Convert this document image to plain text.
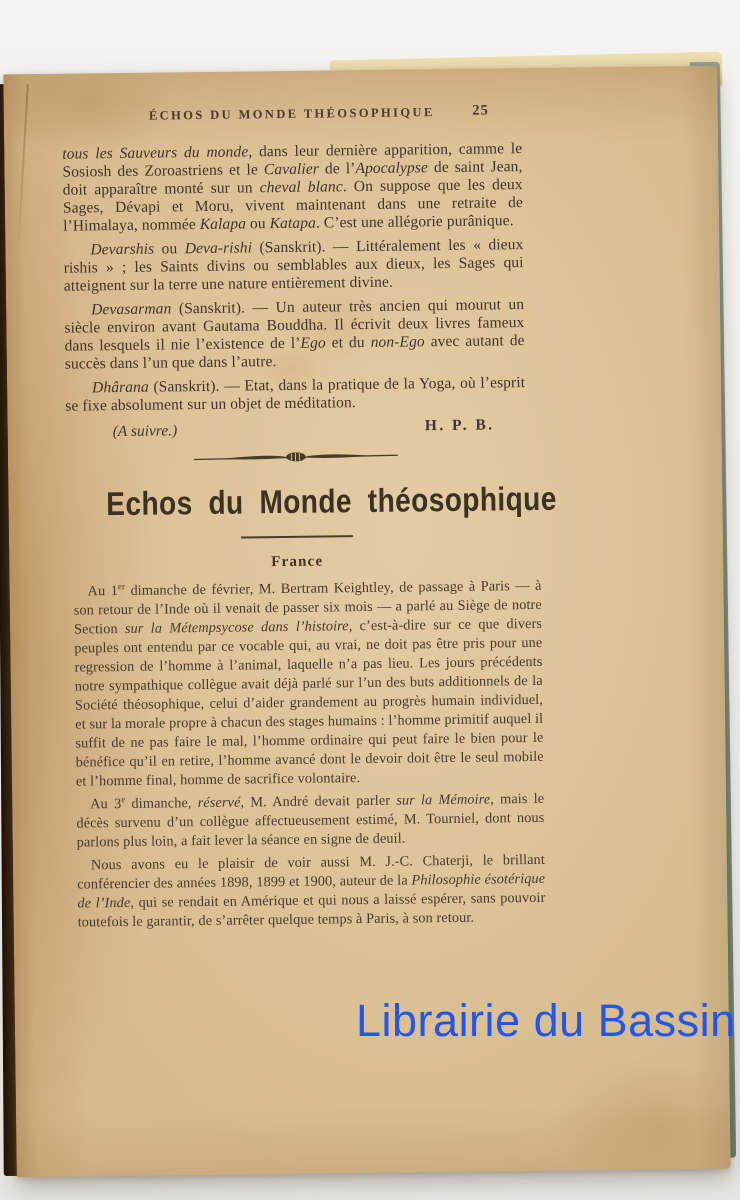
ÉCHOS DU MONDE THÉOSOPHIQUE	25

tous les Sauveurs du monde, dans leur dernière apparition, camme le Sosiosh des Zoroastriens et le Cavalier de l’Apocalypse de saint Jean, doit apparaître monté sur un cheval blanc. On suppose que les deux Sages, Dévapi et Moru, vivent maintenant dans une retraite de l’Himalaya, nommée Kalapa ou Katapa. C’est une allégorie purânique.

Devarshis ou Deva-rishi (Sanskrit). — Littéralement les « dieux rishis » ; les Saints divins ou semblables aux dieux, les Sages qui atteignent sur la terre une nature entièrement divine.

Devasarman (Sanskrit). — Un auteur très ancien qui mourut un siècle environ avant Gautama Bouddha. Il écrivit deux livres fameux dans lesquels il nie l’existence de l’Ego et du non-Ego avec autant de succès dans l’un que dans l’autre.

Dhârana (Sanskrit). — Etat, dans la pratique de la Yoga, où l’esprit se fixe absolument sur un objet de méditation.

(A suivre.)	H. P. B.
Echos du Monde théosophique
France

Au 1er dimanche de février, M. Bertram Keightley, de passage à Paris — à son retour de l’Inde où il venait de passer six mois — a parlé au Siège de notre Section sur la Métempsycose dans l’histoire, c’est-à-dire sur ce que divers peuples ont entendu par ce vocable qui, au vrai, ne doit pas être pris pour une regression de l’homme à l’animal, laquelle n’a pas lieu. Les jours précédents notre sympathique collègue avait déjà parlé sur l’un des buts additionnels de la Société théosophique, celui d’aider grandement au progrès humain individuel, et sur la morale propre à chacun des stages humains : l’homme primitif auquel il suffit de ne pas faire le mal, l’homme ordinaire qui peut faire le bien pour le bénéfice qu’il en retire, l’homme avancé dont le devoir doit être le seul mobile et l’homme final, homme de sacrifice volontaire.

Au 3e dimanche, réservé, M. André devait parler sur la Mémoire, mais le décès survenu d’un collègue affectueusement estimé, M. Tourniel, dont nous parlons plus loin, a fait lever la séance en signe de deuil.

Nous avons eu le plaisir de voir aussi M. J.-C. Chaterji, le brillant conférencier des années 1898, 1899 et 1900, auteur de la Philosophie ésotérique de l’Inde, qui se rendait en Amérique et qui nous a laissé espérer, sans pouvoir toutefois le garantir, de s’arrêter quelque temps à Paris, à son retour.

Librairie du Bassin
